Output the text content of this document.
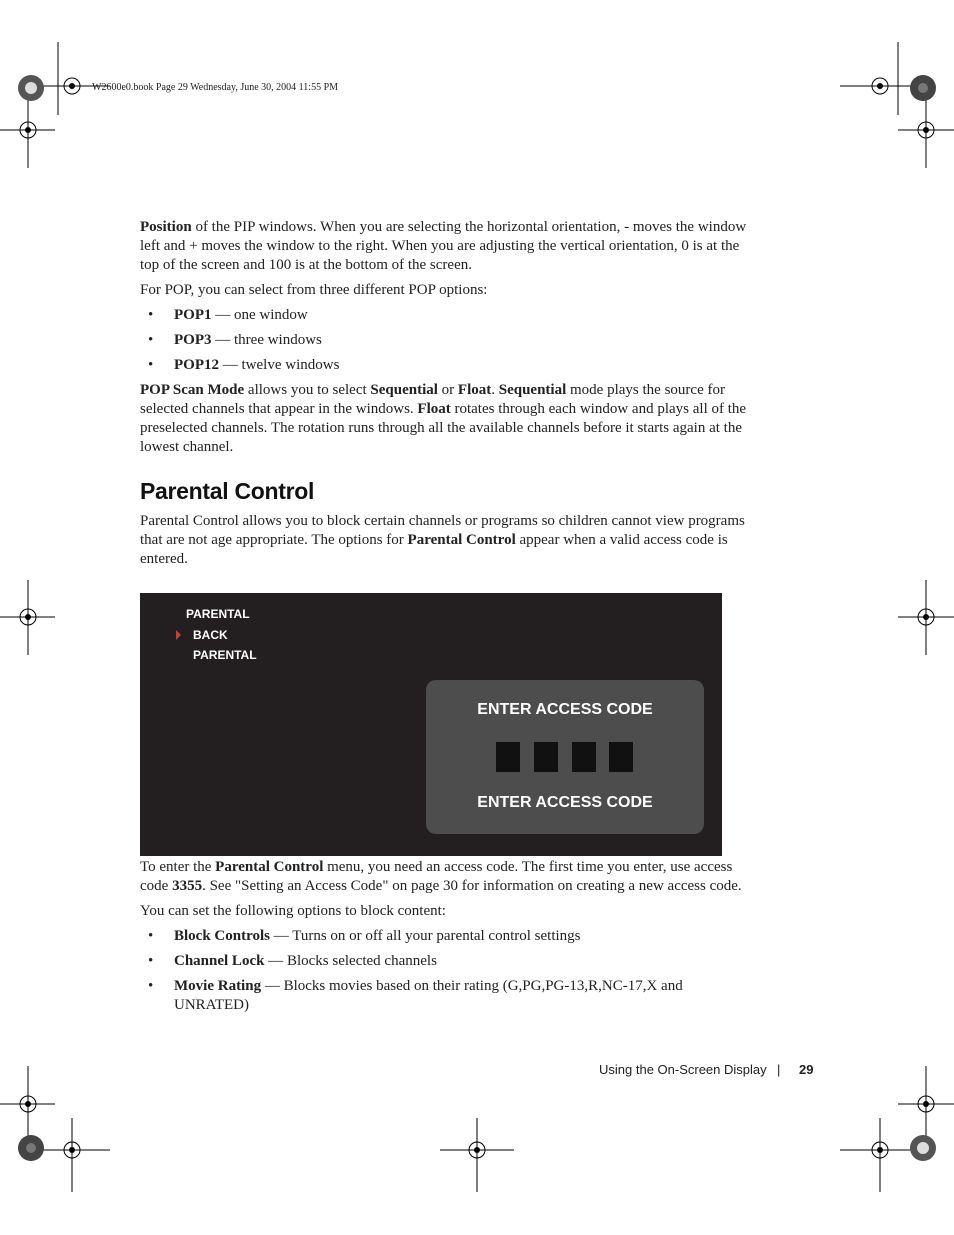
W2600e0.book Page 29 Wednesday, June 30, 2004 11:55 PM

Position of the PIP windows. When you are selecting the horizontal orientation, - moves the window left and + moves the window to the right. When you are adjusting the vertical orientation, 0 is at the top of the screen and 100 is at the bottom of the screen.

For POP, you can select from three different POP options:

• POP1 — one window
• POP3 — three windows
• POP12 — twelve windows

POP Scan Mode allows you to select Sequential or Float. Sequential mode plays the source for selected channels that appear in the windows. Float rotates through each window and plays all of the preselected channels. The rotation runs through all the available channels before it starts again at the lowest channel.

Parental Control

Parental Control allows you to block certain channels or programs so children cannot view programs that are not age appropriate. The options for Parental Control appear when a valid access code is entered.

PARENTAL
BACK
PARENTAL
ENTER ACCESS CODE
ENTER ACCESS CODE

To enter the Parental Control menu, you need an access code. The first time you enter, use access code 3355. See "Setting an Access Code" on page 30 for information on creating a new access code.

You can set the following options to block content:

• Block Controls — Turns on or off all your parental control settings
• Channel Lock — Blocks selected channels
• Movie Rating — Blocks movies based on their rating (G,PG,PG-13,R,NC-17,X and UNRATED)
Using the On-Screen Display | 29
